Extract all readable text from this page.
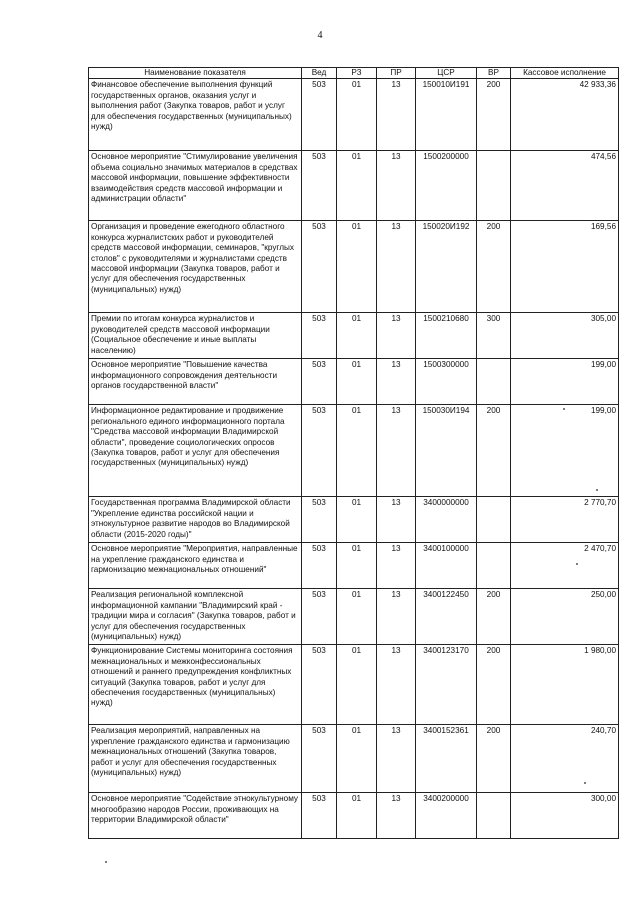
4
Наименование показателя	Вед	РЗ	ПР	ЦСР	ВР	Кассовое исполнение
Финансовое обеспечение выполнения функций государственных органов, оказания услуг и выполнения работ (Закупка товаров, работ и услуг для обеспечения государственных (муниципальных) нужд)	503	01	13	150010И191	200	42 933,36
Основное мероприятие "Стимулирование увеличения объема социально значимых материалов в средствах массовой информации, повышение эффективности взаимодействия средств массовой информации и администрации области"	503	01	13	1500200000		474,56
Организация и проведение ежегодного областного конкурса журналистских работ и руководителей средств массовой информации, семинаров, "круглых столов" с руководителями и журналистами средств массовой информации (Закупка товаров, работ и услуг для обеспечения государственных (муниципальных) нужд)	503	01	13	150020И192	200	169,56
Премии по итогам конкурса журналистов и руководителей средств массовой информации (Социальное обеспечение и иные выплаты населению)	503	01	13	1500210680	300	305,00
Основное мероприятие "Повышение качества информационного сопровождения деятельности органов государственной власти"	503	01	13	1500300000		199,00
Информационное редактирование и продвижение регионального единого информационного портала "Средства массовой информации Владимирской области", проведение социологических опросов (Закупка товаров, работ и услуг для обеспечения государственных (муниципальных) нужд)	503	01	13	150030И194	200	199,00
Государственная программа Владимирской области "Укрепление единства российской нации и этнокультурное развитие народов во Владимирской области (2015-2020 годы)"	503	01	13	3400000000		2 770,70
Основное мероприятие "Мероприятия, направленные на укрепление гражданского единства и гармонизацию межнациональных отношений"	503	01	13	3400100000		2 470,70
Реализация региональной комплексной информационной кампании "Владимирский край - традиции мира и согласия" (Закупка товаров, работ и услуг для обеспечения государственных (муниципальных) нужд)	503	01	13	3400122450	200	250,00
Функционирование Системы мониторинга состояния межнациональных и межконфессиональных отношений и раннего предупреждения конфликтных ситуаций (Закупка товаров, работ и услуг для обеспечения государственных (муниципальных) нужд)	503	01	13	3400123170	200	1 980,00
Реализация мероприятий, направленных на укрепление гражданского единства и гармонизацию межнациональных отношений (Закупка товаров, работ и услуг для обеспечения государственных (муниципальных) нужд)	503	01	13	3400152361	200	240,70
Основное мероприятие "Содействие этнокультурному многообразию народов России, проживающих на территории Владимирской области"	503	01	13	3400200000		300,00
